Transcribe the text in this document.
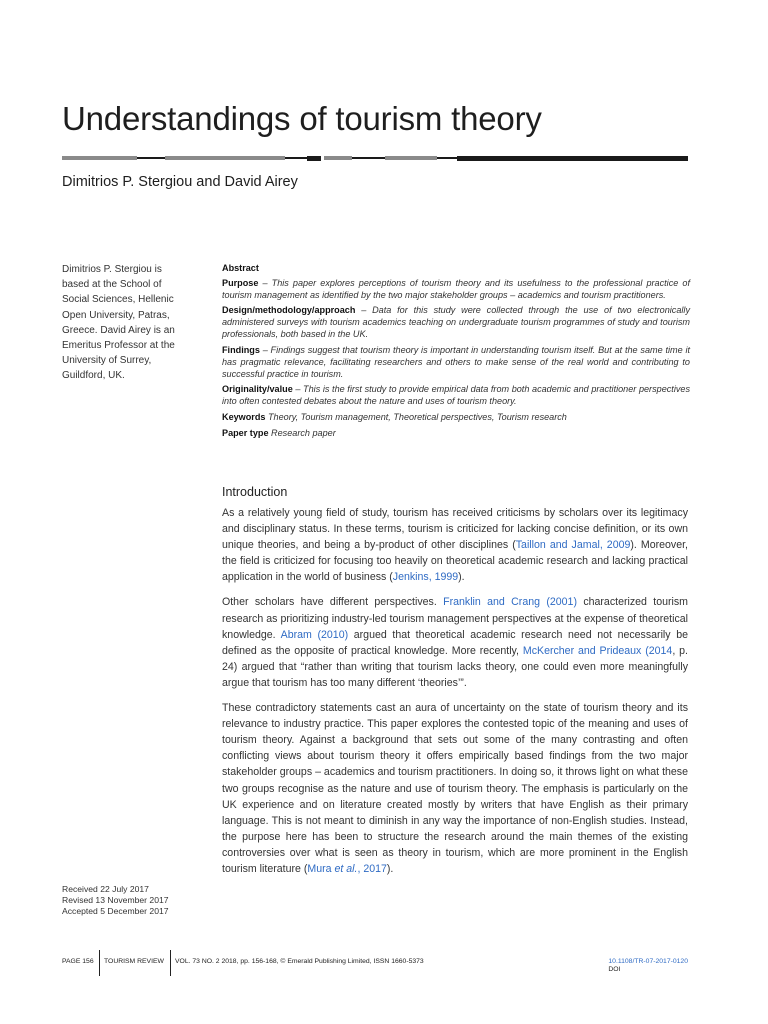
Understandings of tourism theory
Dimitrios P. Stergiou and David Airey
Dimitrios P. Stergiou is based at the School of Social Sciences, Hellenic Open University, Patras, Greece. David Airey is an Emeritus Professor at the University of Surrey, Guildford, UK.
Received 22 July 2017
Revised 13 November 2017
Accepted 5 December 2017

Abstract

Purpose – This paper explores perceptions of tourism theory and its usefulness to the professional practice of tourism management as identified by the two major stakeholder groups – academics and tourism practitioners.

Design/methodology/approach – Data for this study were collected through the use of two electronically administered surveys with tourism academics teaching on undergraduate tourism programmes of study and tourism professionals, both based in the UK.

Findings – Findings suggest that tourism theory is important in understanding tourism itself. But at the same time it has pragmatic relevance, facilitating researchers and others to make sense of the real world and contributing to successful practice in tourism.

Originality/value – This is the first study to provide empirical data from both academic and practitioner perspectives into often contested debates about the nature and uses of tourism theory.

Keywords Theory, Tourism management, Theoretical perspectives, Tourism research

Paper type Research paper

Introduction

As a relatively young field of study, tourism has received criticisms by scholars over its legitimacy and disciplinary status. In these terms, tourism is criticized for lacking concise definition, or its own unique theories, and being a by-product of other disciplines (Taillon and Jamal, 2009). Moreover, the field is criticized for focusing too heavily on theoretical academic research and lacking practical application in the world of business (Jenkins, 1999).

Other scholars have different perspectives. Franklin and Crang (2001) characterized tourism research as prioritizing industry-led tourism management perspectives at the expense of theoretical knowledge. Abram (2010) argued that theoretical academic research need not necessarily be defined as the opposite of practical knowledge. More recently, McKercher and Prideaux (2014, p. 24) argued that “rather than writing that tourism lacks theory, one could even more meaningfully argue that tourism has too many different ‘theories’”.

These contradictory statements cast an aura of uncertainty on the state of tourism theory and its relevance to industry practice. This paper explores the contested topic of the meaning and uses of tourism theory. Against a background that sets out some of the many contrasting and often conflicting views about tourism theory it offers empirically based findings from the two major stakeholder groups – academics and tourism practitioners. In doing so, it throws light on what these two groups recognise as the nature and use of tourism theory. The emphasis is particularly on the UK experience and on literature created mostly by writers that have English as their primary language. This is not meant to diminish in any way the importance of non-English studies. Instead, the purpose here has been to structure the research around the main themes of the existing controversies over what is seen as theory in tourism, which are more prominent in the English tourism literature (Mura et al., 2017).

PAGE 156 TOURISM REVIEW VOL. 73 NO. 2 2018, pp. 156-168, © Emerald Publishing Limited, ISSN 1660-5373
DOI
10.1108/TR-07-2017-0120
